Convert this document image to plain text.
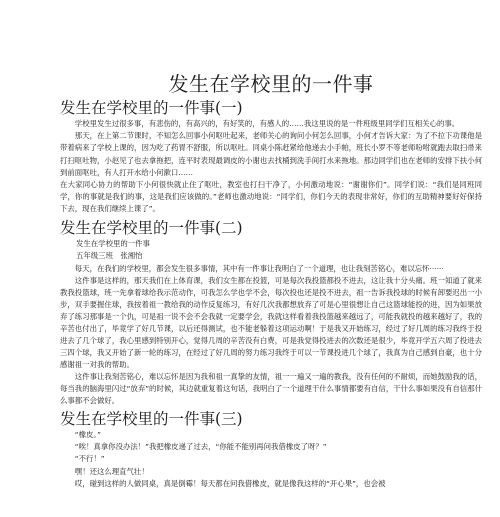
发生在学校里的一件事
发生在学校里的一件事(一)

学校里发生过很多事，有悲伤的，有高兴的，有好笑的，有感人的……我这里说的是一件班级里同学们互相关心的事。

那天，在上第二节课时，不知怎么回事小何呕吐起来，老师关心的询问小何怎么回事，小何才告诉大家：为了不拉下功课他是带着病来了学校上课的，因为吃了药胃不舒服，所以呕吐。同桌小陈赶紧给他递去小手帕，班长小罗不等老师吩咐就跑去取扫帚来打扫呕吐物，小赵见了也去拿拖把，连平时表现最调皮的小谢也去找桶到洗手间打水来拖地。那边同学们也在老师的安排下扶小何到前面呕吐，有人打开水给小何漱口……

在大家同心协力的帮助下小何很快就止住了呕吐，教室也打扫干净了，小何激动地说：“谢谢你们”。同学们说：“我们是同班同学，你的事就是我们的事，这是我们应该做的。”老师也激动地说：“同学们，你们今天的表现非常好，你们的互助精神要好好保持下去，现在我们继续上课了”。

发生在学校里的一件事(二)
发生在学校里的一件事
五年级三班　张湘怡

每天，在我们的学校里，都会发生很多事情，其中有一件事让我明白了一个道理，也让我刻苦铭心，难以忘怀······

这件事是这样的，那天我们在上体育课，我们女生都在投篮，可是每次我投篮都投不进去，这让我十分头痛。班一知道了就来教我投篮球，班一先拿着球给我示范动作，可我怎么学也学不会，每次投也还是投不进去，祖一告诉我投球的时候有卸要迟出一小步，双手要握住球，我按着祖一教给我的动作反复练习，有好几次我都想放弃了可是心里很想让自己这篮球能投的进，因为如果放弃了练习那事是一个仇，可是祖一说不会不会我就一定要学会，我就这样看着我投篮越来越远了，可能我就投的越来越好了，我的辛苦也付出了，毕竟学了好几节课，以后还得测试，也不能老躲着这项运动啊！于是我又开始练习，经过了好几周的练习我终于投进去了几个球了，我心里感到特别开心，觉得几周的辛苦没有白费，可是我觉得投进去的次数还是很少，毕竟开学五六周了投进去三四个球，我又开始了新一轮的练习，在经过了好几周的努力练习我终于可以一节课投进几个球了，我真为自己感到自豪，也十分感谢祖一对我的帮助。

这件事让我刻苦铭心，难以忘怀是因为我和祖一真挚的友情，祖一一遍又一遍的教我，没有任何的不耐烦，而她鼓励我的话，每当我的脑海里闪过“放弃”的时候，其边就重复着这句话，我明白了一个道理干什么事情都要有自信，干什么事如果没有自信那什么事都不会做好。

发生在学校里的一件事(三)

“橡皮。”

“唉！真拿你没办法！”我把橡皮递了过去，“你能不能别再问我借橡皮了呀？”

“不行！”

嘿！还这么理直气壮！

哎，碰到这样的人做同桌，真是倒霉！每天都在问我借橡皮，就是像我这样的“开心果”，也会被
